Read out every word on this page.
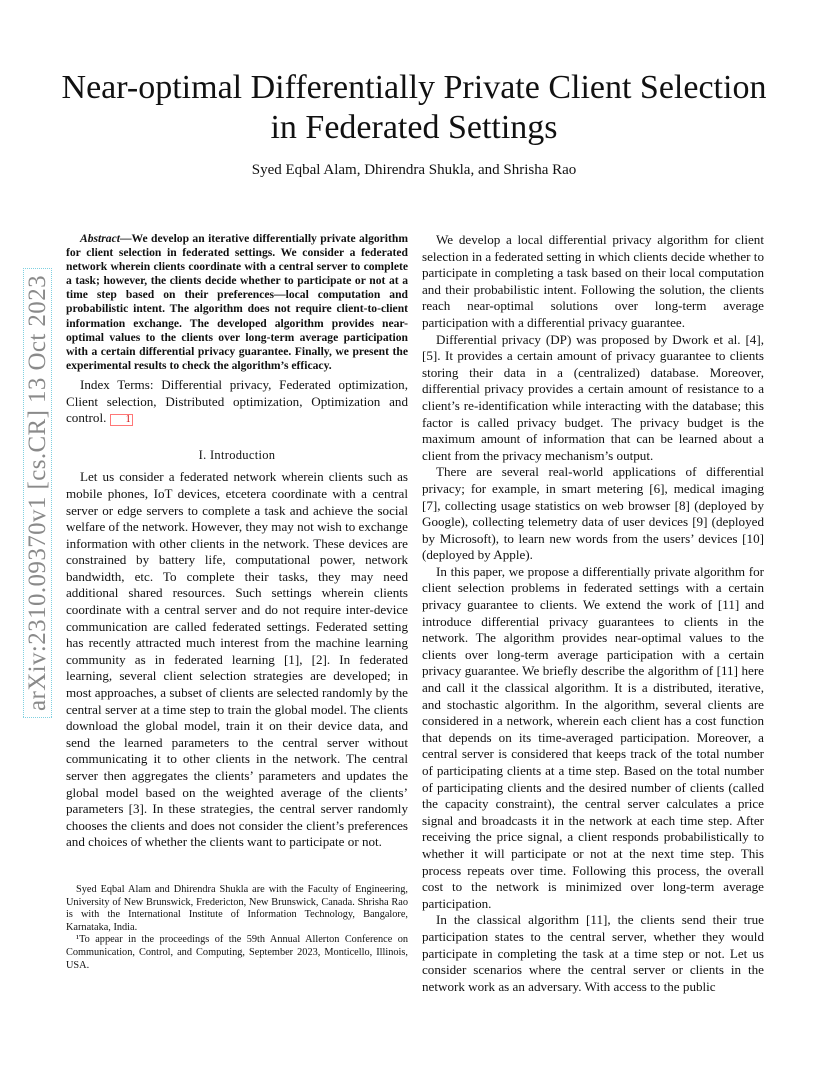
Near-optimal Differentially Private Client Selection
in Federated Settings
Syed Eqbal Alam, Dhirendra Shukla, and Shrisha Rao
arXiv:2310.09370v1 [cs.CR] 13 Oct 2023

Abstract—We develop an iterative differentially private algorithm for client selection in federated settings. We consider a federated network wherein clients coordinate with a central server to complete a task; however, the clients decide whether to participate or not at a time step based on their preferences—local computation and probabilistic intent. The algorithm does not require client-to-client information exchange. The developed algorithm provides near-optimal values to the clients over long-term average participation with a certain differential privacy guarantee. Finally, we present the experimental results to check the algorithm’s efficacy.

Index Terms: Differential privacy, Federated optimization, Client selection, Distributed optimization, Optimization and control. 1

I. Introduction

Let us consider a federated network wherein clients such as mobile phones, IoT devices, etcetera coordinate with a central server or edge servers to complete a task and achieve the social welfare of the network. However, they may not wish to exchange information with other clients in the network. These devices are constrained by battery life, computational power, network bandwidth, etc. To complete their tasks, they may need additional shared resources. Such settings wherein clients coordinate with a central server and do not require inter-device communication are called federated settings. Federated setting has recently attracted much interest from the machine learning community as in federated learning [1], [2]. In federated learning, several client selection strategies are developed; in most approaches, a subset of clients are selected randomly by the central server at a time step to train the global model. The clients download the global model, train it on their device data, and send the learned parameters to the central server without communicating it to other clients in the network. The central server then aggregates the clients’ parameters and updates the global model based on the weighted average of the clients’ parameters [3]. In these strategies, the central server randomly chooses the clients and does not consider the client’s preferences and choices of whether the clients want to participate or not.

Syed Eqbal Alam and Dhirendra Shukla are with the Faculty of Engineering, University of New Brunswick, Fredericton, New Brunswick, Canada. Shrisha Rao is with the International Institute of Information Technology, Bangalore, Karnataka, India.

¹To appear in the proceedings of the 59th Annual Allerton Conference on Communication, Control, and Computing, September 2023, Monticello, Illinois, USA.

We develop a local differential privacy algorithm for client selection in a federated setting in which clients decide whether to participate in completing a task based on their local computation and their probabilistic intent. Following the solution, the clients reach near-optimal solutions over long-term average participation with a differential privacy guarantee.

Differential privacy (DP) was proposed by Dwork et al. [4], [5]. It provides a certain amount of privacy guarantee to clients storing their data in a (centralized) database. Moreover, differential privacy provides a certain amount of resistance to a client’s re-identification while interacting with the database; this factor is called privacy budget. The privacy budget is the maximum amount of information that can be learned about a client from the privacy mechanism’s output.

There are several real-world applications of differential privacy; for example, in smart metering [6], medical imaging [7], collecting usage statistics on web browser [8] (deployed by Google), collecting telemetry data of user devices [9] (deployed by Microsoft), to learn new words from the users’ devices [10] (deployed by Apple).

In this paper, we propose a differentially private algorithm for client selection problems in federated settings with a certain privacy guarantee to clients. We extend the work of [11] and introduce differential privacy guarantees to clients in the network. The algorithm provides near-optimal values to the clients over long-term average participation with a certain privacy guarantee. We briefly describe the algorithm of [11] here and call it the classical algorithm. It is a distributed, iterative, and stochastic algorithm. In the algorithm, several clients are considered in a network, wherein each client has a cost function that depends on its time-averaged participation. Moreover, a central server is considered that keeps track of the total number of participating clients at a time step. Based on the total number of participating clients and the desired number of clients (called the capacity constraint), the central server calculates a price signal and broadcasts it in the network at each time step. After receiving the price signal, a client responds probabilistically to whether it will participate or not at the next time step. This process repeats over time. Following this process, the overall cost to the network is minimized over long-term average participation.

In the classical algorithm [11], the clients send their true participation states to the central server, whether they would participate in completing the task at a time step or not. Let us consider scenarios where the central server or clients in the network work as an adversary. With access to the public
